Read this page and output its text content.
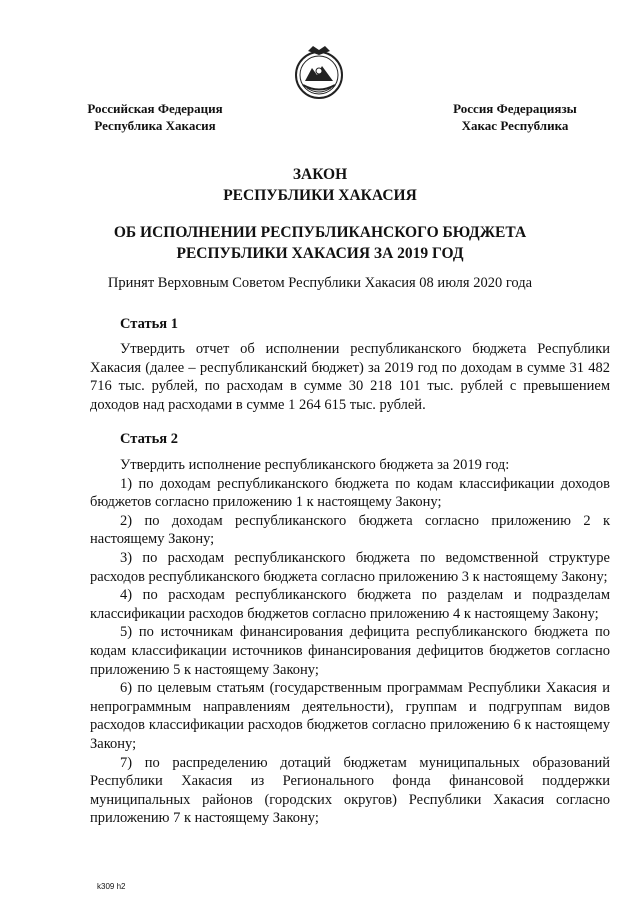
Российская Федерация
Республика Хакасия
Россия Федерациязы
Хакас Республика
ЗАКОН
РЕСПУБЛИКИ ХАКАСИЯ
ОБ ИСПОЛНЕНИИ РЕСПУБЛИКАНСКОГО БЮДЖЕТА
РЕСПУБЛИКИ ХАКАСИЯ ЗА 2019 ГОД
Принят Верховным Советом Республики Хакасия 08 июля 2020 года
Статья 1

Утвердить отчет об исполнении республиканского бюджета Республики Хакасия (далее – республиканский бюджет) за 2019 год по доходам в сумме 31 482 716 тыс. рублей, по расходам в сумме 30 218 101 тыс. рублей с превышением доходов над расходами в сумме 1 264 615 тыс. рублей.

Статья 2

Утвердить исполнение республиканского бюджета за 2019 год:

1) по доходам республиканского бюджета по кодам классификации доходов бюджетов согласно приложению 1 к настоящему Закону;

2) по доходам республиканского бюджета согласно приложению 2 к настоящему Закону;

3) по расходам республиканского бюджета по ведомственной структуре расходов республиканского бюджета согласно приложению 3 к настоящему Закону;

4) по расходам республиканского бюджета по разделам и подразделам классификации расходов бюджетов согласно приложению 4 к настоящему Закону;

5) по источникам финансирования дефицита республиканского бюджета по кодам классификации источников финансирования дефицитов бюджетов согласно приложению 5 к настоящему Закону;

6) по целевым статьям (государственным программам Республики Хакасия и непрограммным направлениям деятельности), группам и подгруппам видов расходов классификации расходов бюджетов согласно приложению 6 к настоящему Закону;

7) по распределению дотаций бюджетам муниципальных образований Республики Хакасия из Регионального фонда финансовой поддержки муниципальных районов (городских округов) Республики Хакасия согласно приложению 7 к настоящему Закону;

k309 h2
